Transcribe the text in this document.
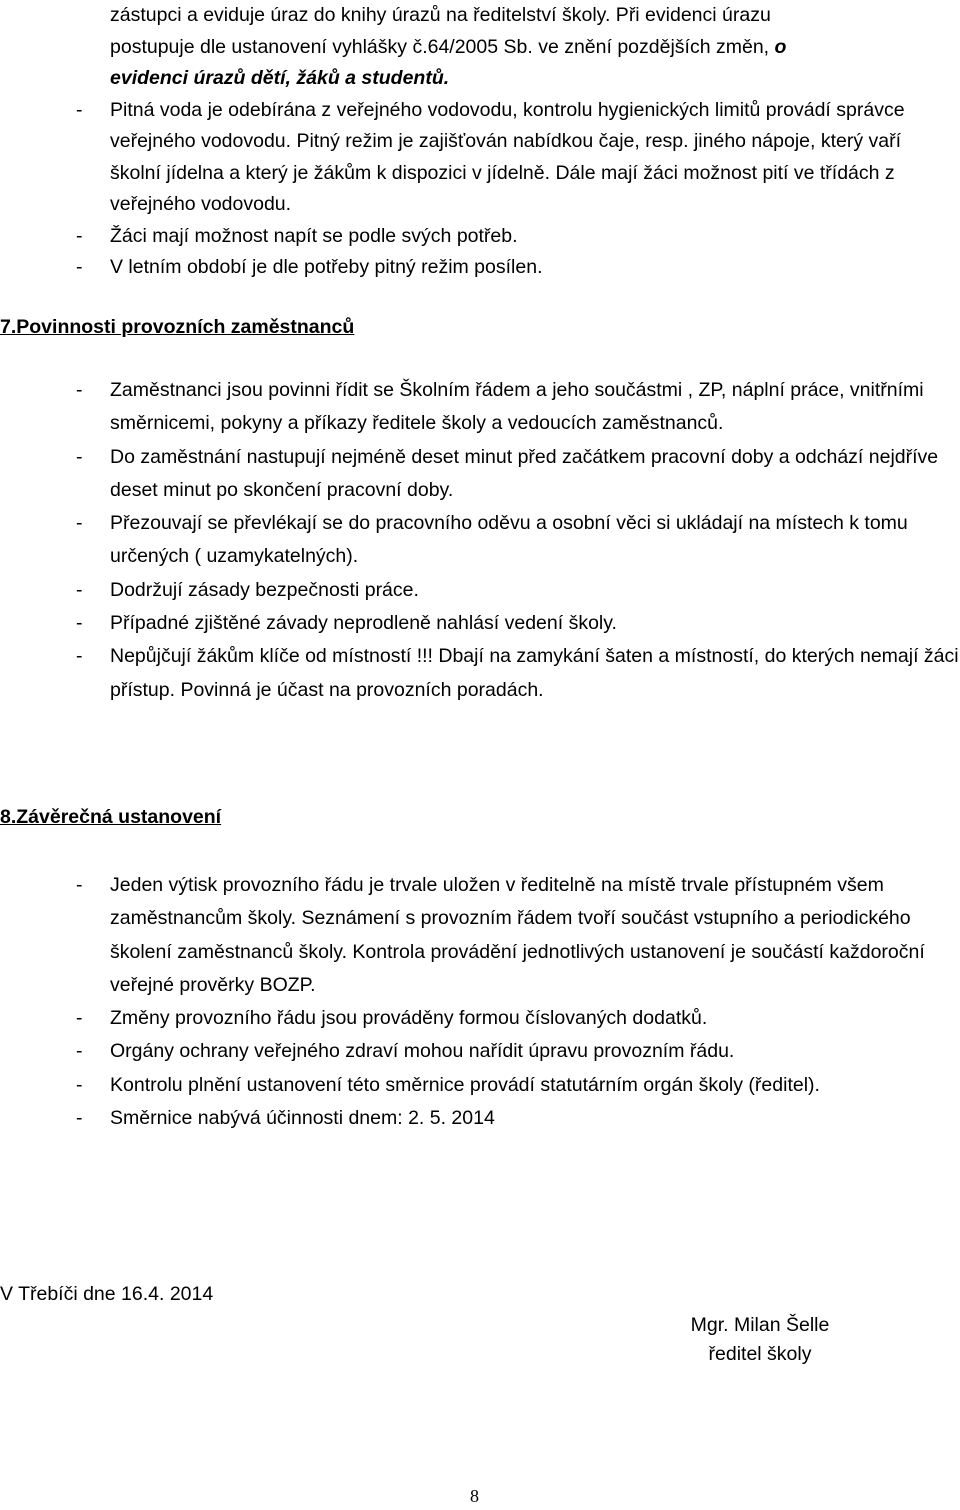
zástupci a eviduje úraz do knihy úrazů na ředitelství školy. Při evidenci úrazu
postupuje dle ustanovení vyhlášky č.64/2005 Sb. ve znění pozdějších změn, o
evidenci úrazů dětí, žáků a studentů.
- Pitná voda je odebírána z veřejného vodovodu, kontrolu hygienických limitů provádí správce veřejného vodovodu. Pitný režim je zajišťován nabídkou čaje, resp. jiného nápoje, který vaří školní jídelna a který je žákům k dispozici v jídelně. Dále mají žáci možnost pití ve třídách z veřejného vodovodu.
- Žáci mají možnost napít se podle svých potřeb.
- V letním období je dle potřeby pitný režim posílen.
7.Povinnosti provozních zaměstnanců
- Zaměstnanci jsou povinni řídit se Školním řádem a jeho součástmi , ZP, náplní práce, vnitřními směrnicemi, pokyny a příkazy ředitele školy a vedoucích zaměstnanců.
- Do zaměstnání nastupují nejméně deset minut před začátkem pracovní doby a odchází nejdříve deset minut po skončení pracovní doby.
- Přezouvají se převlékají se do pracovního oděvu a osobní věci si ukládají na místech k tomu určených ( uzamykatelných).
- Dodržují zásady bezpečnosti práce.
- Případné zjištěné závady neprodleně nahlásí vedení školy.
- Nepůjčují žákům klíče od místností !!! Dbají na zamykání šaten a místností, do kterých nemají žáci přístup. Povinná je účast na provozních poradách.
8.Závěrečná ustanovení
- Jeden výtisk provozního řádu je trvale uložen v ředitelně na místě trvale přístupném všem zaměstnancům školy. Seznámení s provozním řádem tvoří součást vstupního a periodického školení zaměstnanců školy. Kontrola provádění jednotlivých ustanovení je součástí každoroční veřejné prověrky BOZP.
- Změny provozního řádu jsou prováděny formou číslovaných dodatků.
- Orgány ochrany veřejného zdraví mohou nařídit úpravu provozním řádu.
- Kontrolu plnění ustanovení této směrnice provádí statutárním orgán školy (ředitel).
- Směrnice nabývá účinnosti dnem: 2. 5. 2014
V Třebíči dne 16.4. 2014
Mgr. Milan Šelle
ředitel školy
8
